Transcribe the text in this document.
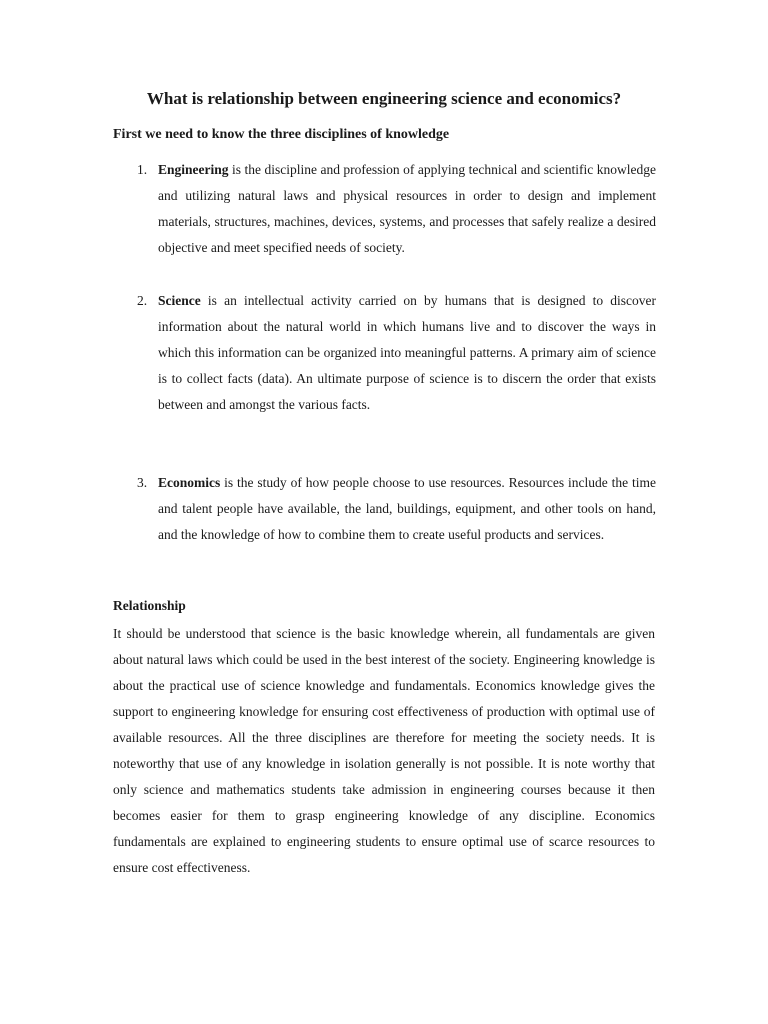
What is relationship between engineering science and economics?
First we need to know the three disciplines of knowledge
1. Engineering is the discipline and profession of applying technical and scientific knowledge and utilizing natural laws and physical resources in order to design and implement materials, structures, machines, devices, systems, and processes that safely realize a desired objective and meet specified needs of society.

2. Science is an intellectual activity carried on by humans that is designed to discover information about the natural world in which humans live and to discover the ways in which this information can be organized into meaningful patterns. A primary aim of science is to collect facts (data). An ultimate purpose of science is to discern the order that exists between and amongst the various facts.

3. Economics is the study of how people choose to use resources. Resources include the time and talent people have available, the land, buildings, equipment, and other tools on hand, and the knowledge of how to combine them to create useful products and services.

Relationship

It should be understood that science is the basic knowledge wherein, all fundamentals are given about natural laws which could be used in the best interest of the society. Engineering knowledge is about the practical use of science knowledge and fundamentals. Economics knowledge gives the support to engineering knowledge for ensuring cost effectiveness of production with optimal use of available resources. All the three disciplines are therefore for meeting the society needs. It is noteworthy that use of any knowledge in isolation generally is not possible. It is note worthy that only science and mathematics students take admission in engineering courses because it then becomes easier for them to grasp engineering knowledge of any discipline. Economics fundamentals are explained to engineering students to ensure optimal use of scarce resources to ensure cost effectiveness.
